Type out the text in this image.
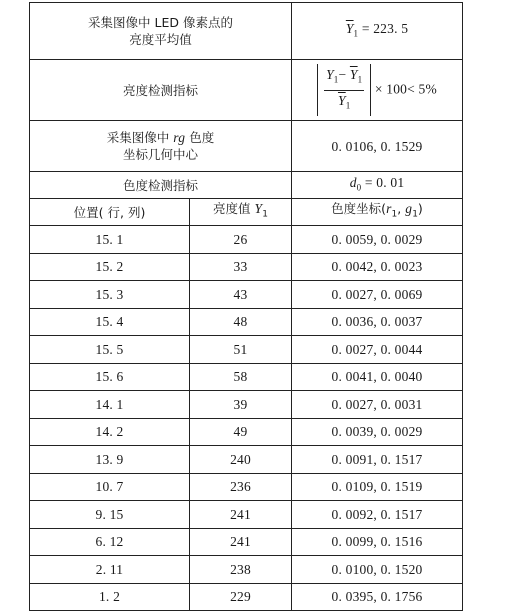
采集图像中 LED 像素点的
亮度平均值		$\overline{Y}_1 = 223$. 5
亮度检测指标		$\frac{Y_1- \overline{Y}_1}{\overline{Y}_1} \times 100< 5\%$

采集图像中 rg 色度
坐标几何中心		0. 0106, 0. 1529
色度检测指标		$d_0 = 0$. 01
位置( 行, 列)	亮度值 $Y_1$	色度坐标($r_1$, $g_1$)
15. 1	26	0. 0059, 0. 0029
15. 2	33	0. 0042, 0. 0023
15. 3	43	0. 0027, 0. 0069
15. 4	48	0. 0036, 0. 0037
15. 5	51	0. 0027, 0. 0044
15. 6	58	0. 0041, 0. 0040
14. 1	39	0. 0027, 0. 0031
14. 2	49	0. 0039, 0. 0029
13. 9	240	0. 0091, 0. 1517
10. 7	236	0. 0109, 0. 1519
9. 15	241	0. 0092, 0. 1517
6. 12	241	0. 0099, 0. 1516
2. 11	238	0. 0100, 0. 1520
1. 2	229	0. 0395, 0. 1756
